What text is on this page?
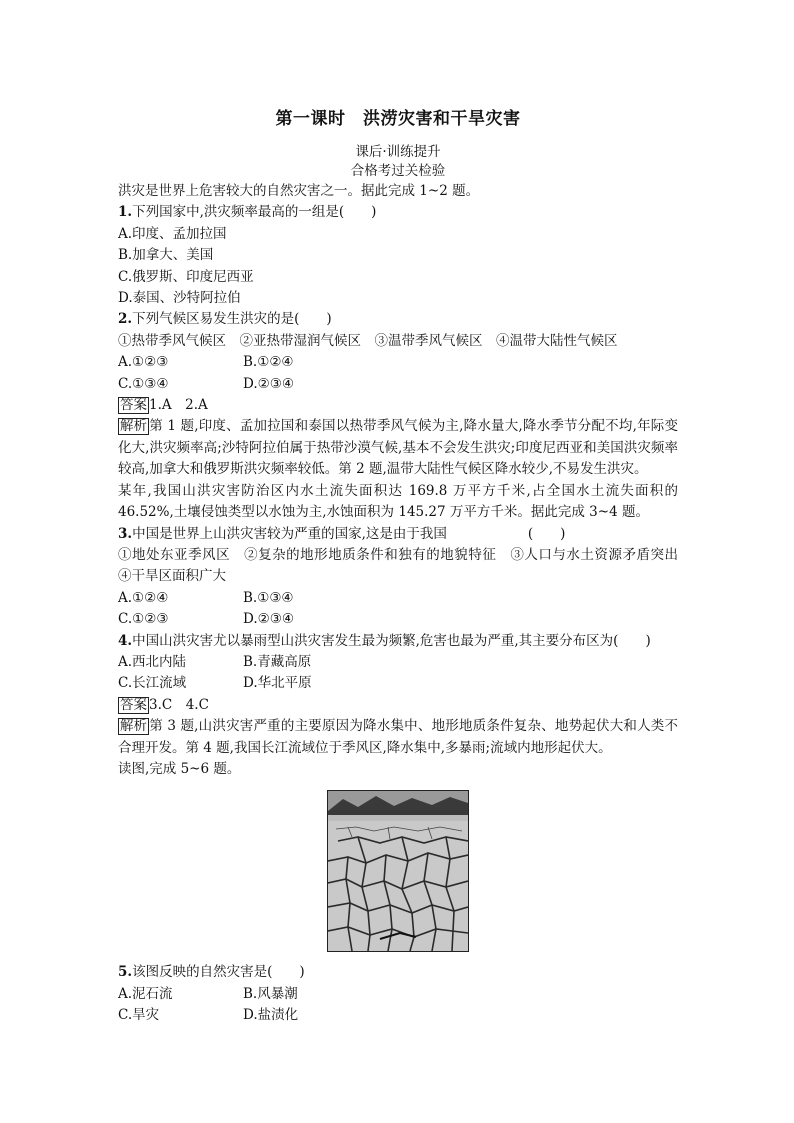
第一课时　洪涝灾害和干旱灾害
课后·训练提升
合格考过关检验
洪灾是世界上危害较大的自然灾害之一。据此完成 1~2 题。
1.下列国家中,洪灾频率最高的一组是(　　)
A.印度、孟加拉国
B.加拿大、美国
C.俄罗斯、印度尼西亚
D.泰国、沙特阿拉伯
2.下列气候区易发生洪灾的是(　　)
①热带季风气候区　②亚热带湿润气候区　③温带季风气候区　④温带大陆性气候区
A.①②③	B.①②④
C.①③④	D.②③④
答案 1.A　2.A
解析 第 1 题,印度、孟加拉国和泰国以热带季风气候为主,降水量大,降水季节分配不均,年际变化大,洪灾频率高;沙特阿拉伯属于热带沙漠气候,基本不会发生洪灾;印度尼西亚和美国洪灾频率较高,加拿大和俄罗斯洪灾频率较低。第 2 题,温带大陆性气候区降水较少,不易发生洪灾。
某年,我国山洪灾害防治区内水土流失面积达 169.8 万平方千米,占全国水土流失面积的 46.52%,土壤侵蚀类型以水蚀为主,水蚀面积为 145.27 万平方千米。据此完成 3~4 题。
3.中国是世界上山洪灾害较为严重的国家,这是由于我国　　　　　　(　　)
①地处东亚季风区　②复杂的地形地质条件和独有的地貌特征　③人口与水土资源矛盾突出　④干旱区面积广大
A.①②④	B.①③④
C.①②③	D.②③④
4.中国山洪灾害尤以暴雨型山洪灾害发生最为频繁,危害也最为严重,其主要分布区为(　　)
A.西北内陆	B.青藏高原
C.长江流域	D.华北平原
答案 3.C　4.C
解析 第 3 题,山洪灾害严重的主要原因为降水集中、地形地质条件复杂、地势起伏大和人类不合理开发。第 4 题,我国长江流域位于季风区,降水集中,多暴雨;流域内地形起伏大。
读图,完成 5~6 题。
5.该图反映的自然灾害是(　　)
A.泥石流	B.风暴潮
C.旱灾	D.盐渍化
